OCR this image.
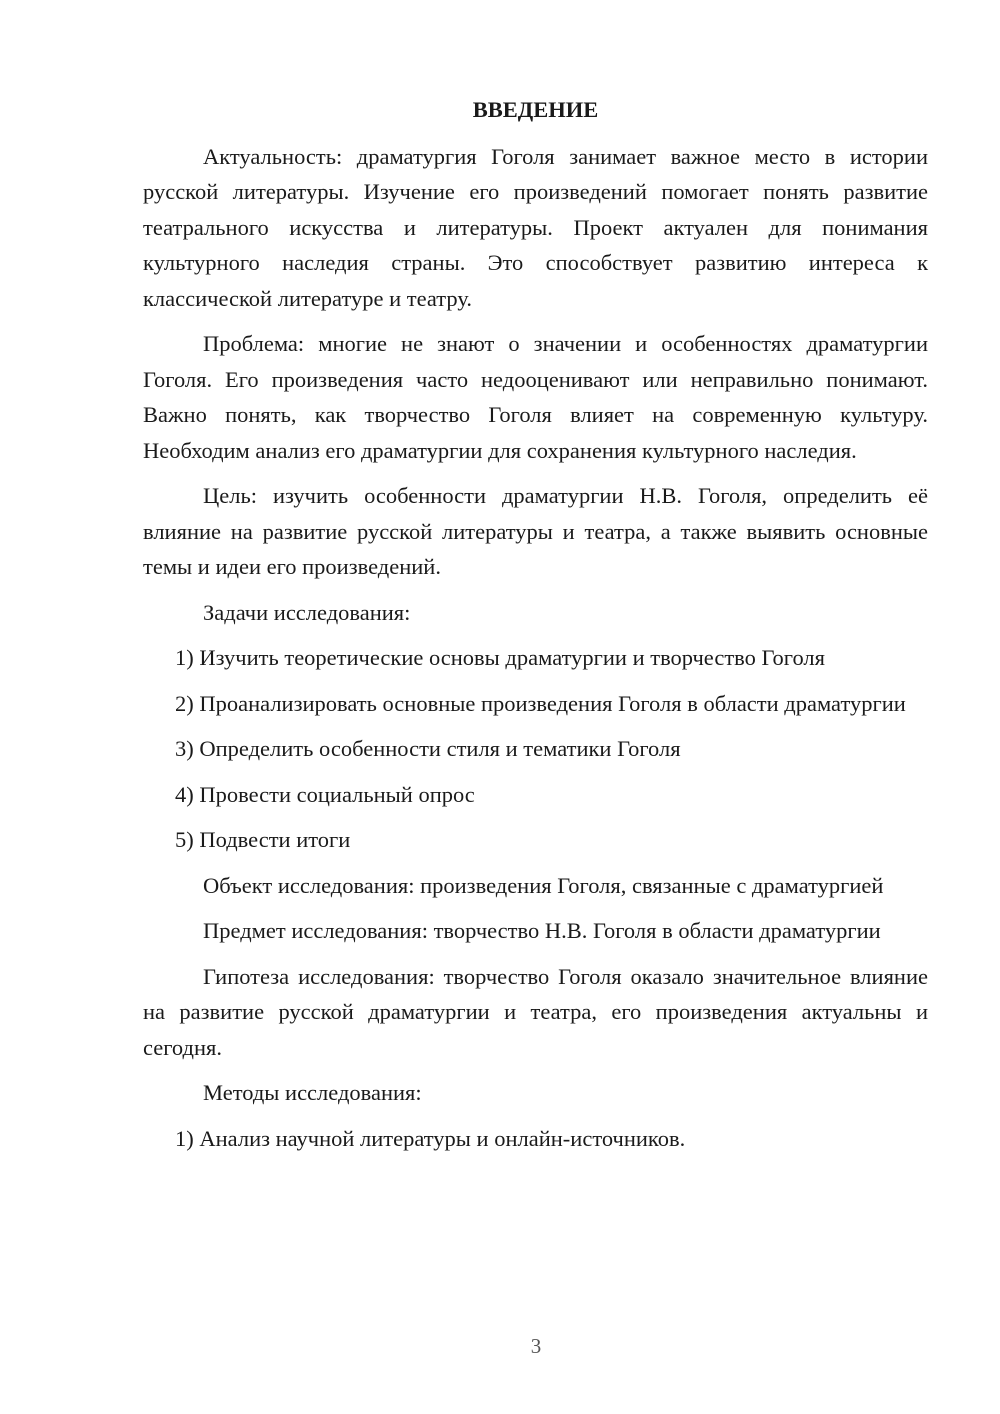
ВВЕДЕНИЕ

Актуальность: драматургия Гоголя занимает важное место в истории русской литературы. Изучение его произведений помогает понять развитие театрального искусства и литературы. Проект актуален для понимания культурного наследия страны. Это способствует развитию интереса к классической литературе и театру.

Проблема: многие не знают о значении и особенностях драматургии Гоголя. Его произведения часто недооценивают или неправильно понимают. Важно понять, как творчество Гоголя влияет на современную культуру. Необходим анализ его драматургии для сохранения культурного наследия.

Цель: изучить особенности драматургии Н.В. Гоголя, определить её влияние на развитие русской литературы и театра, а также выявить основные темы и идеи его произведений.

Задачи исследования:

1) Изучить теоретические основы драматургии и творчество Гоголя

2) Проанализировать основные произведения Гоголя в области драматургии

3) Определить особенности стиля и тематики Гоголя

4) Провести социальный опрос

5) Подвести итоги

Объект исследования: произведения Гоголя, связанные с драматургией

Предмет исследования: творчество Н.В. Гоголя в области драматургии

Гипотеза исследования: творчество Гоголя оказало значительное влияние на развитие русской драматургии и театра, его произведения актуальны и сегодня.

Методы исследования:

1) Анализ научной литературы и онлайн-источников.

3
